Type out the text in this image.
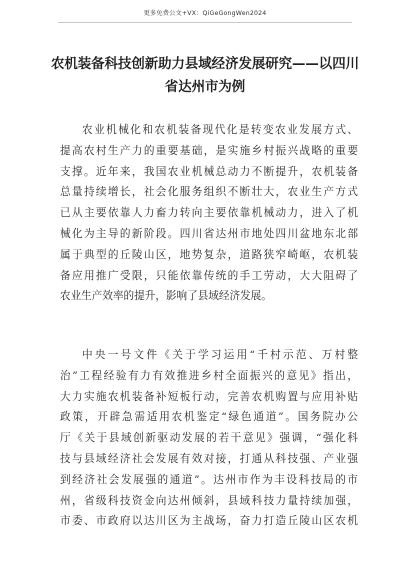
更多免费公文+VX：QiGeGongWen2024
农机装备科技创新助力县域经济发展研究——以四川
省达州市为例
农业机械化和农机装备现代化是转变农业发展方式、
提高农村生产力的重要基础，是实施乡村振兴战略的重要
支撑。近年来，我国农业机械总动力不断提升，农机装备
总量持续增长，社会化服务组织不断壮大，农业生产方式
已从主要依靠人力畜力转向主要依靠机械动力，进入了机
械化为主导的新阶段。四川省达州市地处四川盆地东北部
属于典型的丘陵山区，地势复杂，道路狭窄崎岖，农机装
备应用推广受限，只能依靠传统的手工劳动，大大阻碍了
农业生产效率的提升，影响了县域经济发展。
中央一号文件《关于学习运用“千村示范、万村整
治”工程经验有力有效推进乡村全面振兴的意见》指出，
大力实施农机装备补短板行动，完善农机购置与应用补贴
政策，开辟急需适用农机鉴定“绿色通道”。国务院办公
厅《关于县域创新驱动发展的若干意见》强调，“强化科
技与县域经济社会发展有效对接，打通从科技强、产业强
到经济社会发展强的通道”。达州市作为丰设科技局的市
州，省级科技资金向达州倾斜，县域科技力量持续加强，
市委、市政府以达川区为主战场，奋力打造丘陵山区农机
